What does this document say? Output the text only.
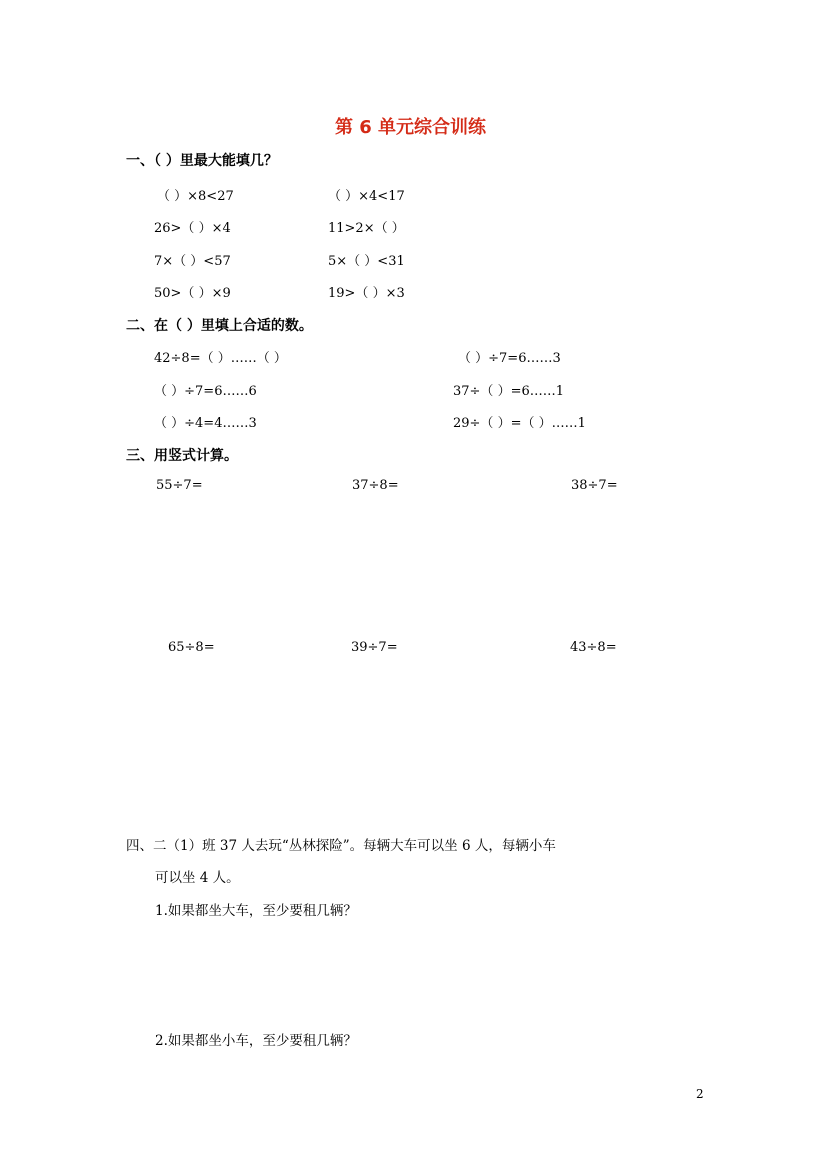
第 6 单元综合训练
一、（ ）里最大能填几？
（ ）×8<27	（ ）×4<17
26>（ ）×4	11>2×（ ）
7×（ ）<57	5×（ ）<31
50>（ ）×9	19>（ ）×3
二、在（ ）里填上合适的数。
42÷8=（ ）……（ ）	（ ）÷7=6……3
（ ）÷7=6……6	37÷（ ）=6……1
（ ）÷4=4……3	29÷（ ）=（ ）……1
三、用竖式计算。
55÷7=	37÷8=	38÷7=
65÷8=	39÷7=	43÷8=
四、二（1）班 37 人去玩“丛林探险”。每辆大车可以坐 6 人，每辆小车
可以坐 4 人。
1.如果都坐大车，至少要租几辆？
2.如果都坐小车，至少要租几辆？
2
